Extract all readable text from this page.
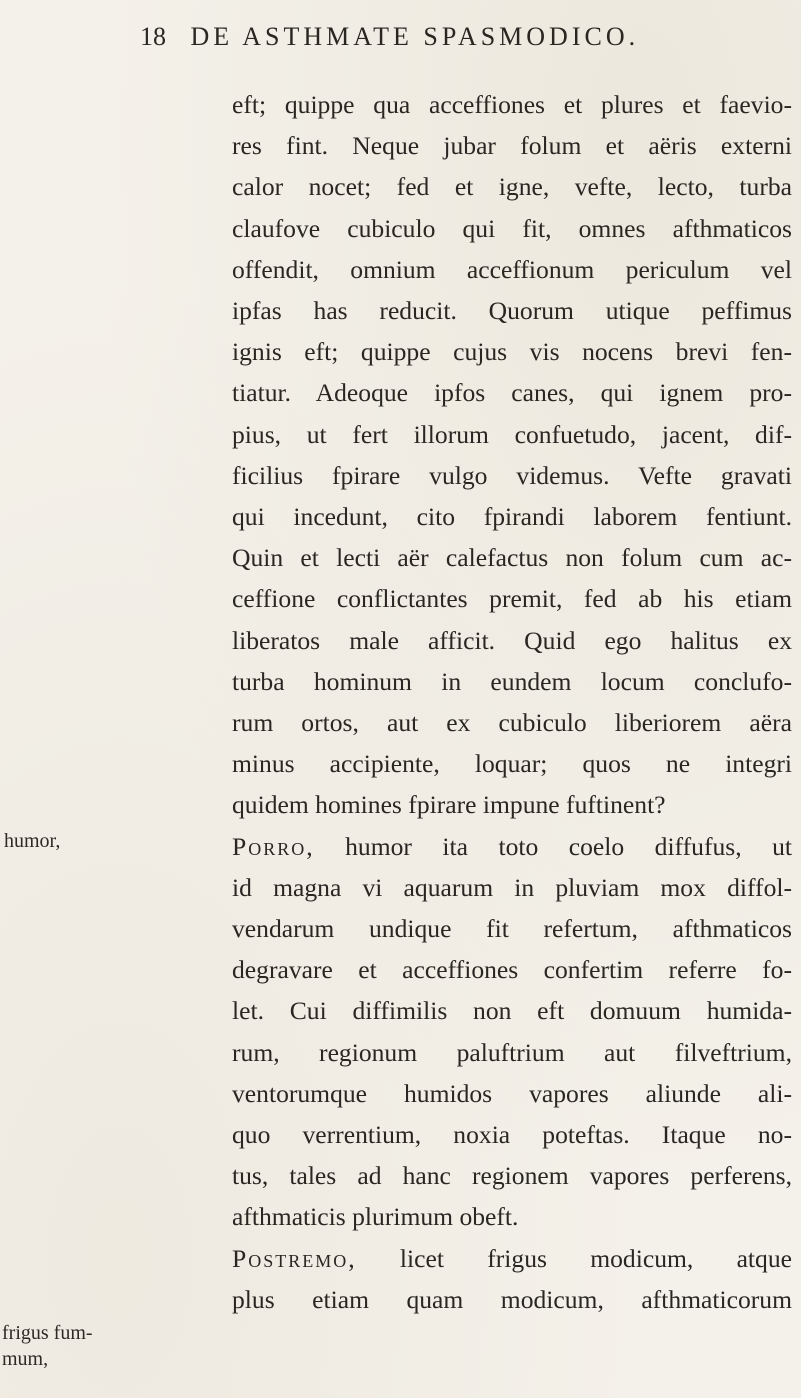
18 DE ASTHMATE SPASMODICO.
humor,
frigus fum-
mum,
eft; quippe qua acceffiones et plures et faevio-
res fint. Neque jubar folum et aëris externi
calor nocet; fed et igne, vefte, lecto, turba
claufove cubiculo qui fit, omnes afthmaticos
offendit, omnium acceffionum periculum vel
ipfas has reducit. Quorum utique peffimus
ignis eft; quippe cujus vis nocens brevi fen-
tiatur. Adeoque ipfos canes, qui ignem pro-
pius, ut fert illorum confuetudo, jacent, dif-
ficilius fpirare vulgo videmus. Vefte gravati
qui incedunt, cito fpirandi laborem fentiunt.
Quin et lecti aër calefactus non folum cum ac-
ceffione conflictantes premit, fed ab his etiam
liberatos male afficit. Quid ego halitus ex
turba hominum in eundem locum conclufo-
rum ortos, aut ex cubiculo liberiorem aëra
minus accipiente, loquar; quos ne integri
quidem homines fpirare impune fuftinent?
Porro, humor ita toto coelo diffufus, ut
id magna vi aquarum in pluviam mox diffol-
vendarum undique fit refertum, afthmaticos
degravare et acceffiones confertim referre fo-
let. Cui diffimilis non eft domuum humida-
rum, regionum paluftrium aut filveftrium,
ventorumque humidos vapores aliunde ali-
quo verrentium, noxia poteftas. Itaque no-
tus, tales ad hanc regionem vapores perferens,
afthmaticis plurimum obeft.
Postremo, licet frigus modicum, atque
plus etiam quam modicum, afthmaticorum
